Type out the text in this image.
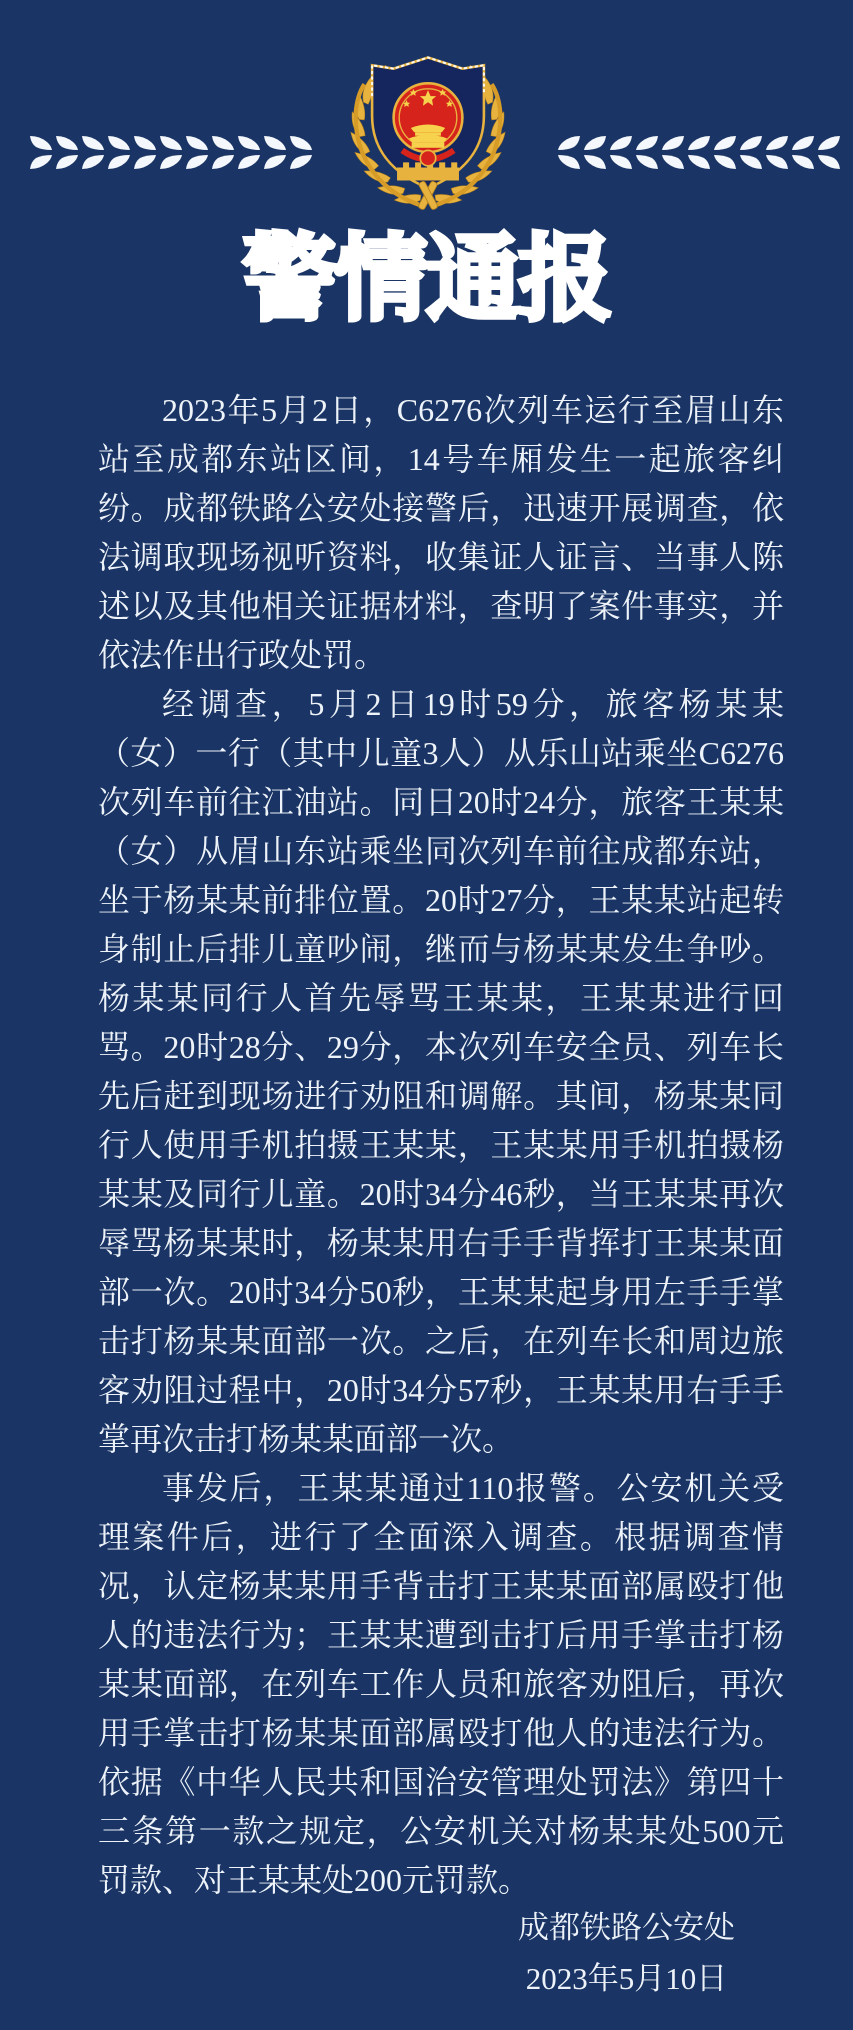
警情通报

2023年5月2日，C6276次列车运行至眉山东站至成都东站区间，14号车厢发生一起旅客纠纷。成都铁路公安处接警后，迅速开展调查，依法调取现场视听资料，收集证人证言、当事人陈述以及其他相关证据材料，查明了案件事实，并依法作出行政处罚。

经调查，5月2日19时59分，旅客杨某某（女）一行（其中儿童3人）从乐山站乘坐C6276次列车前往江油站。同日20时24分，旅客王某某（女）从眉山东站乘坐同次列车前往成都东站，坐于杨某某前排位置。20时27分，王某某站起转身制止后排儿童吵闹，继而与杨某某发生争吵。杨某某同行人首先辱骂王某某，王某某进行回骂。20时28分、29分，本次列车安全员、列车长先后赶到现场进行劝阻和调解。其间，杨某某同行人使用手机拍摄王某某，王某某用手机拍摄杨某某及同行儿童。20时34分46秒，当王某某再次辱骂杨某某时，杨某某用右手手背挥打王某某面部一次。20时34分50秒，王某某起身用左手手掌击打杨某某面部一次。之后，在列车长和周边旅客劝阻过程中，20时34分57秒，王某某用右手手掌再次击打杨某某面部一次。

事发后，王某某通过110报警。公安机关受理案件后，进行了全面深入调查。根据调查情况，认定杨某某用手背击打王某某面部属殴打他人的违法行为；王某某遭到击打后用手掌击打杨某某面部，在列车工作人员和旅客劝阻后，再次用手掌击打杨某某面部属殴打他人的违法行为。依据《中华人民共和国治安管理处罚法》第四十三条第一款之规定，公安机关对杨某某处500元罚款、对王某某处200元罚款。

成都铁路公安处
2023年5月10日
